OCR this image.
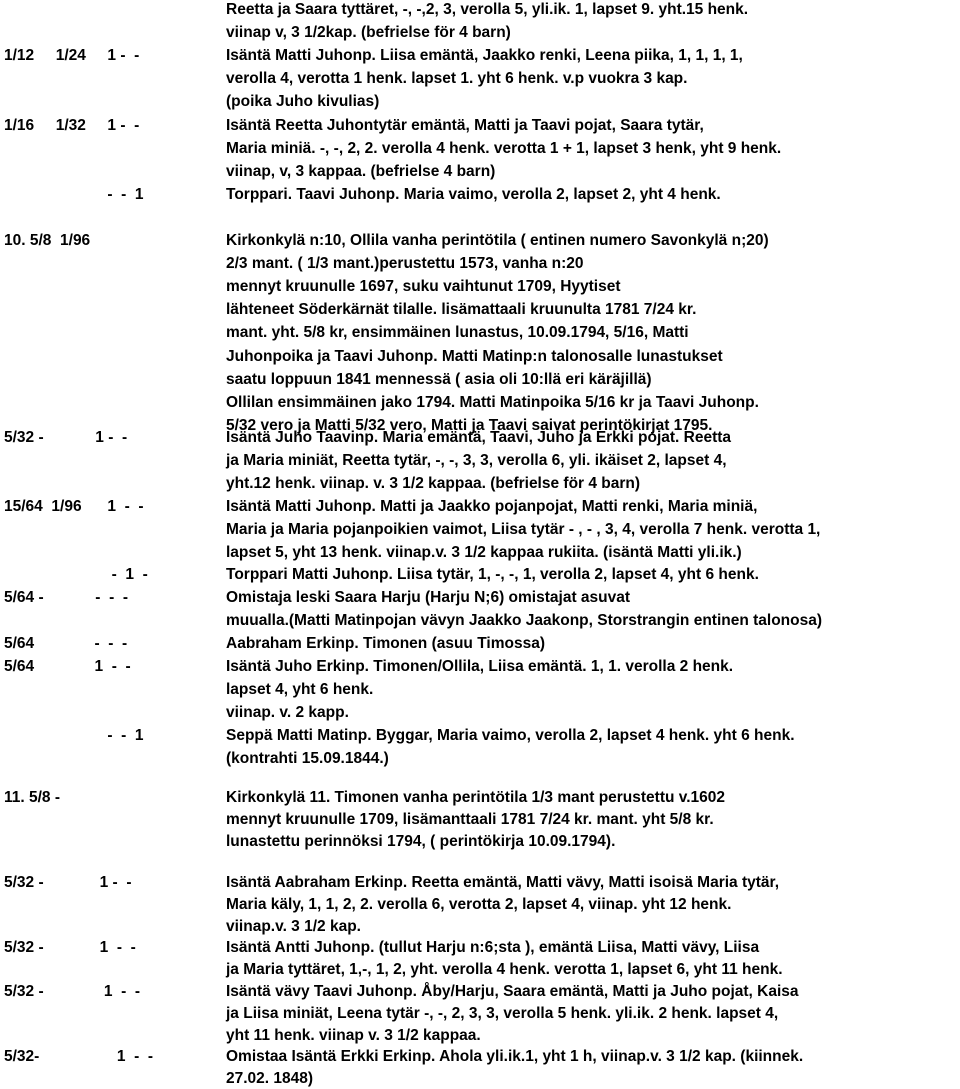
Reetta ja Saara tyttäret, -, -,2, 3, verolla 5, yli.ik. 1, lapset 9. yht.15 henk.
viinap v, 3 1/2kap. (befrielse för 4 barn)
1/12     1/24     1 -  -	Isäntä Matti Juhonp. Liisa emäntä, Jaakko renki, Leena piika, 1, 1, 1, 1,
verolla 4, verotta 1 henk. lapset 1. yht 6 henk. v.p vuokra 3 kap.
(poika Juho kivulias)
1/16     1/32     1 -  -	Isäntä Reetta Juhontytär emäntä, Matti ja Taavi pojat, Saara tytär,
Maria miniä. -, -, 2, 2. verolla 4 henk. verotta 1 + 1, lapset 3 henk, yht 9 henk.
viinap, v, 3 kappaa. (befrielse 4 barn)
-  -  1	Torppari. Taavi Juhonp. Maria vaimo, verolla 2, lapset 2, yht 4 henk.
10. 5/8  1/96	Kirkonkylä n:10, Ollila vanha perintötila ( entinen numero Savonkylä n;20)
2/3 mant. ( 1/3 mant.)perustettu 1573, vanha n:20
mennyt kruunulle 1697, suku vaihtunut 1709, Hyytiset
lähteneet Söderkärnät tilalle. lisämattaali kruunulta 1781 7/24 kr.
mant. yht. 5/8 kr, ensimmäinen lunastus, 10.09.1794, 5/16, Matti
Juhonpoika ja Taavi Juhonp. Matti Matinp:n talonosalle lunastukset
saatu loppuun 1841 mennessä ( asia oli 10:llä eri käräjillä)
Ollilan ensimmäinen jako 1794. Matti Matinpoika 5/16 kr ja Taavi Juhonp.
5/32 vero ja Matti 5/32 vero, Matti ja Taavi saivat perintökirjat 1795.
5/32 -            1 -  -	Isäntä Juho Taavinp. Maria emäntä, Taavi, Juho ja Erkki pojat. Reetta
ja Maria miniät, Reetta tytär, -, -, 3, 3, verolla 6, yli. ikäiset 2, lapset 4,
yht.12 henk. viinap. v. 3 1/2 kappaa. (befrielse för 4 barn)
15/64  1/96      1  -  -	Isäntä Matti Juhonp. Matti ja Jaakko pojanpojat, Matti renki, Maria miniä,
Maria ja Maria pojanpoikien vaimot, Liisa tytär - , - , 3, 4, verolla 7 henk. verotta 1,
lapset 5, yht 13 henk. viinap.v. 3 1/2 kappaa rukiita. (isäntä Matti yli.ik.)
-  1  -	Torppari Matti Juhonp. Liisa tytär, 1, -, -, 1, verolla 2, lapset 4, yht 6 henk.
5/64 -            -  -  -	Omistaja leski Saara Harju (Harju N;6) omistajat asuvat
muualla.(Matti Matinpojan vävyn Jaakko Jaakonp, Storstrangin entinen talonosa)
5/64              -  -  -	Aabraham Erkinp. Timonen (asuu Timossa)
5/64              1  -  -	Isäntä Juho Erkinp. Timonen/Ollila, Liisa emäntä. 1, 1. verolla 2 henk.
lapset 4, yht 6 henk.
viinap. v. 2 kapp.
-  -  1	Seppä Matti Matinp. Byggar, Maria vaimo, verolla 2, lapset 4 henk. yht 6 henk.
(kontrahti 15.09.1844.)
11. 5/8 -	Kirkonkylä 11. Timonen vanha perintötila 1/3 mant perustettu v.1602
mennyt kruunulle 1709, lisämanttaali 1781 7/24 kr. mant. yht 5/8 kr.
lunastettu perinnöksi 1794, ( perintökirja 10.09.1794).
5/32 -             1 -  -	Isäntä Aabraham Erkinp. Reetta emäntä, Matti vävy, Matti isoisä Maria tytär,
Maria käly, 1, 1, 2, 2. verolla 6, verotta 2, lapset 4, viinap. yht 12 henk.
viinap.v. 3 1/2 kap.
5/32 -             1  -  -	Isäntä Antti Juhonp. (tullut Harju n:6;sta ), emäntä Liisa, Matti vävy, Liisa
ja Maria tyttäret, 1,-, 1, 2, yht. verolla 4 henk. verotta 1, lapset 6, yht 11 henk.
5/32 -              1  -  -	Isäntä vävy Taavi Juhonp. Åby/Harju, Saara emäntä, Matti ja Juho pojat, Kaisa
ja Liisa miniät, Leena tytär -, -, 2, 3, 3, verolla 5 henk. yli.ik. 2 henk. lapset 4,
yht 11 henk. viinap v. 3 1/2 kappaa.
5/32-                  1  -  -	Omistaa Isäntä Erkki Erkinp. Ahola yli.ik.1, yht 1 h, viinap.v. 3 1/2 kap. (kiinnek.
27.02. 1848)
